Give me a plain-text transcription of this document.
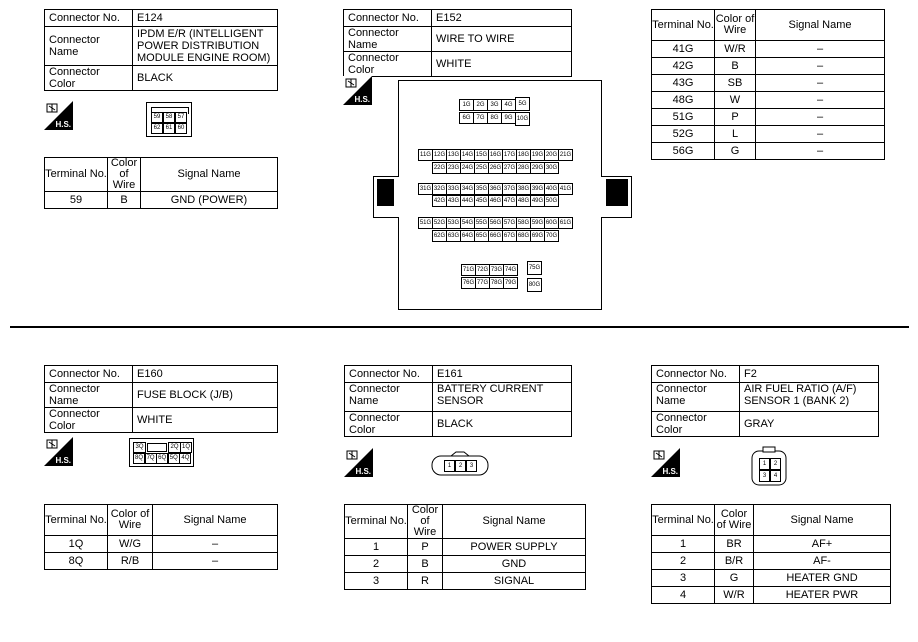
Connector No.	E124
Connector Name	IPDM E/R (INTELLIGENT POWER DISTRIBUTION MODULE ENGINE ROOM)
Connector Color	BLACK
H.S.
59 58 57
62 61 60
Terminal No.	Color of Wire	Signal Name
59	B	GND (POWER)
Connector No.	E152
Connector Name	WIRE TO WIRE
Connector Color	WHITE
H.S.
1G 2G 3G 4G
6G 7G 8G 9G
5G
10G
11G 12G 13G 14G 15G 16G 17G 18G 19G 20G 21G
22G 23G 24G 25G 26G 27G 28G 29G 30G
31G 32G 33G 34G 35G 36G 37G 38G 39G 40G 41G
42G 43G 44G 45G 46G 47G 48G 49G 50G
51G 52G 53G 54G 55G 56G 57G 58G 59G 60G 61G
62G 63G 64G 65G 66G 67G 68G 69G 70G
71G 72G 73G 74G
76G 77G 78G 79G
75G
80G
Terminal No.	Color of Wire	Signal Name
41G	W/R	–
42G	B	–
43G	SB	–
48G	W	–
51G	P	–
52G	L	–
56G	G	–
Connector No.	E160
Connector Name	FUSE BLOCK (J/B)
Connector Color	WHITE
H.S.
3Q	2Q 1Q
8Q 7Q 6Q 5Q 4Q
Terminal No.	Color of Wire	Signal Name
1Q	W/G	–
8Q	R/B	–
Connector No.	E161
Connector Name	BATTERY CURRENT SENSOR
Connector Color	BLACK
H.S.
1	2	3
Terminal No.	Color of Wire	Signal Name
1	P	POWER SUPPLY
2	B	GND
3	R	SIGNAL
Connector No.	F2
Connector Name	AIR FUEL RATIO (A/F) SENSOR 1 (BANK 2)
Connector Color	GRAY
H.S.
1	2
3	4
Terminal No.	Color of Wire	Signal Name
1	BR	AF+
2	B/R	AF-
3	G	HEATER GND
4	W/R	HEATER PWR
